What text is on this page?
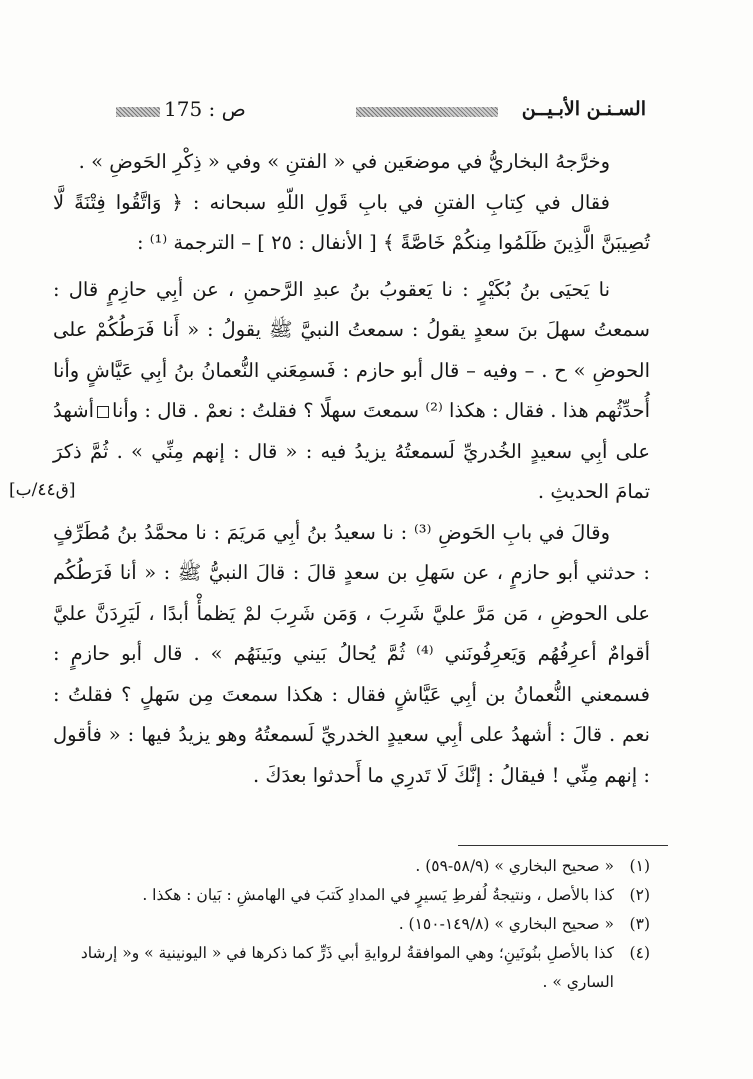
السـنـن الأبـيــن
ص : 175

وخرَّجهُ البخاريُّ في موضعَين في « الفتنِ » وفي « ذِكْرِ الحَوضِ » .

فقال في كِتابِ الفتنِ في بابِ قَولِ اللّهِ سبحانه : ﴿ وَاتَّقُوا فِتْنَةً لَّا تُصِيبَنَّ الَّذِينَ ظَلَمُوا مِنكُمْ خَاصَّةً ﴾ [ الأنفال : ٢٥ ] – الترجمة ⁽¹⁾ :

نا يَحيَى بنُ بُكَيْرٍ : نا يَعقوبُ بنُ عبدِ الرَّحمنِ ، عن أبِي حازِمٍ قال : سمعتُ سهلَ بنَ سعدٍ يقولُ : سمعتُ النبيَّ ﷺ يقولُ : « أَنا فَرَطُكُمْ على الحوضِ » ح . – وفيه – قال أبو حازم : فَسمِعَني النُّعمانُ بنُ أبِي عَيَّاشٍ وأنا أُحدِّثُهم هذا . فقال : هكذا ⁽²⁾ سمعتَ سهلًا ؟ فقلتُ : نعمْ . قال : وأناأشهدُ على أبِي سعيدٍ الخُدريِّ لَسمعتُهُ يزيدُ فيه : « قال : إنهم مِنِّي » . ثُمَّ ذكرَ تمامَ الحديثِ .

وقالَ في بابِ الحَوضِ ⁽³⁾ : نا سعيدُ بنُ أبِي مَريَمَ : نا محمَّدُ بنُ مُطَرِّفٍ : حدثني أبو حازمٍ ، عن سَهلِ بن سعدٍ قالَ : قالَ النبيُّ ﷺ : « أنا فَرَطُكُم على الحوضِ ، مَن مَرَّ عليَّ شَرِبَ ، وَمَن شَرِبَ لمْ يَظمأْ أبدًا ، لَيَرِدَنَّ عليَّ أقوامٌ أعرِفُهُم وَيَعرِفُونَني ⁽⁴⁾ ثُمَّ يُحالُ بَيني وبَينَهُم » . قال أبو حازمٍ : فسمعني النُّعمانُ بن أبِي عَيَّاشٍ فقال : هكذا سمعتَ مِن سَهلٍ ؟ فقلتُ : نعم . قالَ : أشهدُ على أبِي سعيدٍ الخدريِّ لَسمعتُهُ وهو يزيدُ فيها : « فأقول : إنهم مِنِّي ! فيقالُ : إنَّكَ لَا تَدرِي ما أَحدثوا بعدَكَ .

[ق٤٤/ب]
(١)
« صحيح البخاري » (٥٨/٩-٥٩) .
(٢)
كذا بالأصل ، ونتيجةُ لُفرطِ يَسيرٍ في المدادِ كَتبَ في الهامشِ : بَيان : هكذا .
(٣)
« صحيح البخاري » (١٤٩/٨-١٥٠) .
(٤)
كذا بالأصلِ بنُونَينِ؛ وهي الموافقةُ لروايةِ أبي ذَرٍّ كما ذكرها في « اليونينية » و« إرشاد الساري » .
